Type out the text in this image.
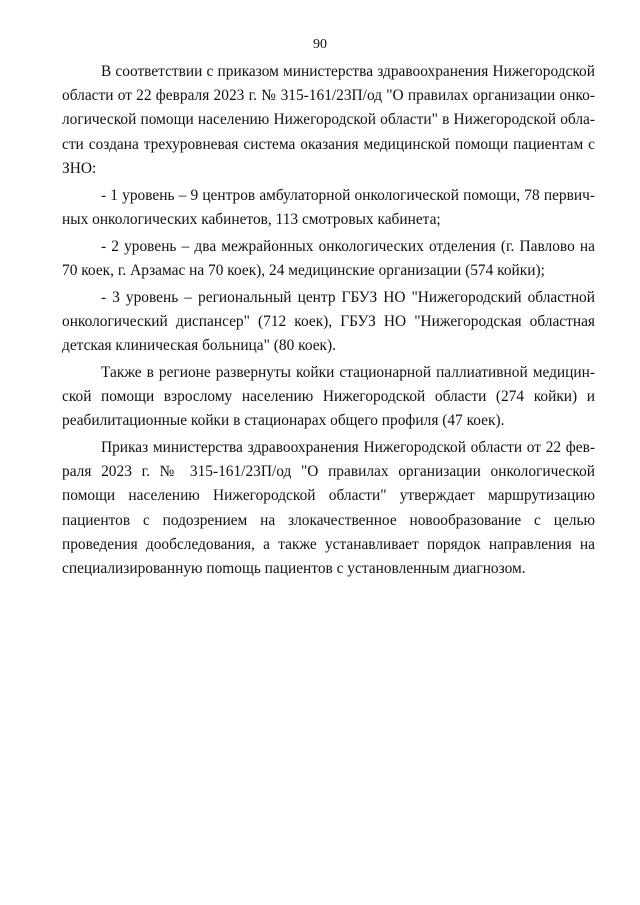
90

В соответствии с приказом министерства здравоохранения Нижегородской области от 22 февраля 2023 г. № 315-161/23П/од "О правилах организации онкологической помощи населению Нижегородской области" в Нижегородской области создана трехуровневая система оказания медицинской помощи пациентам с ЗНО:

- 1 уровень – 9 центров амбулаторной онкологической помощи, 78 первичных онкологических кабинетов, 113 смотровых кабинета;

- 2 уровень – два межрайонных онкологических отделения (г. Павлово на 70 коек, г. Арзамас на 70 коек), 24 медицинские организации (574 койки);

- 3 уровень – региональный центр ГБУЗ НО "Нижегородский областной онкологический диспансер" (712 коек), ГБУЗ НО "Нижегородская областная детская клиническая больница" (80 коек).

Также в регионе развернуты койки стационарной паллиативной медицинской помощи взрослому населению Нижегородской области (274 койки) и реабилитационные койки в стационарах общего профиля (47 коек).

Приказ министерства здравоохранения Нижегородской области от 22 февраля 2023 г. № 315-161/23П/од "О правилах организации онкологической помощи населению Нижегородской области" утверждает маршрутизацию пациентов с подозрением на злокачественное новообразование с целью проведения дообследования, а также устанавливает порядок направления на специализированную поmощь пациентов с установленным диагнозом.
